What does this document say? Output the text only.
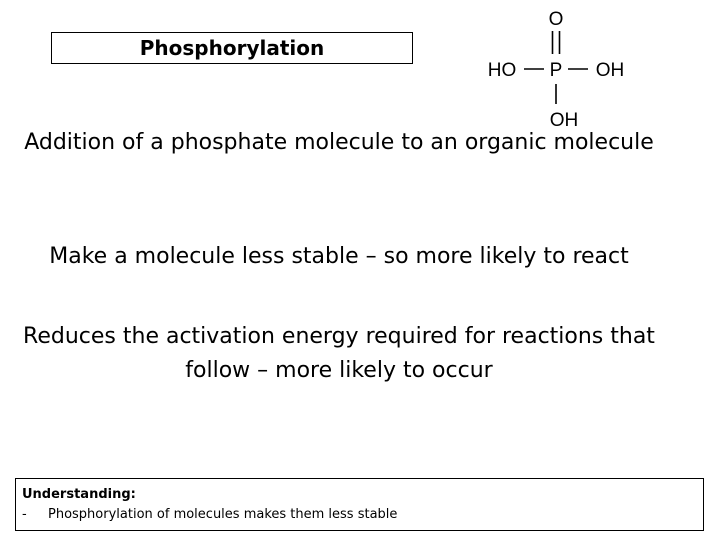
Phosphorylation
O
HO P OH
OH
Addition of a phosphate molecule to an organic molecule
Make a molecule less stable – so more likely to react
Reduces the activation energy required for reactions that follow – more likely to occur
Understanding:
-	Phosphorylation of molecules makes them less stable
